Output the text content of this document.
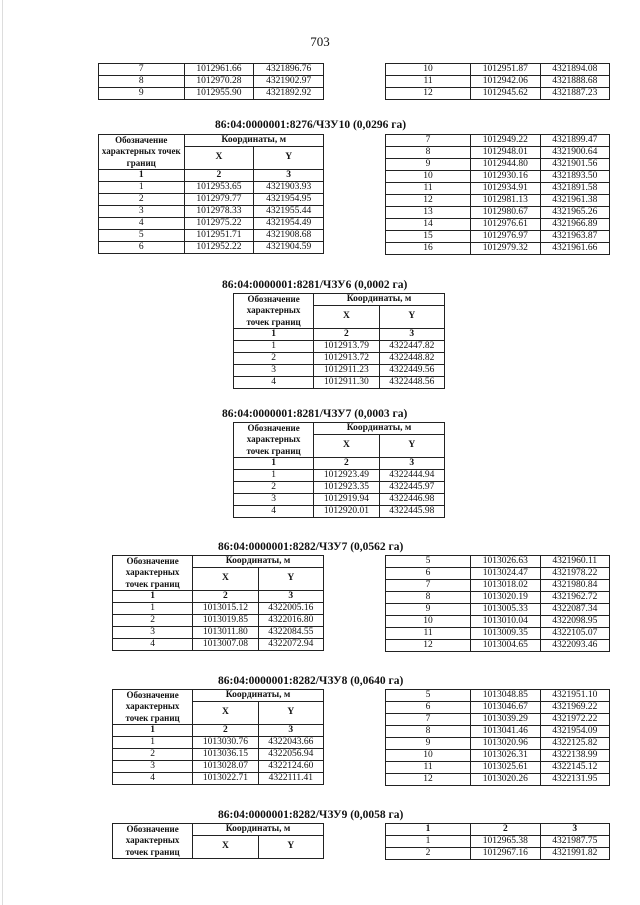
703
7	1012961.66	4321896.76
8	1012970.28	4321902.97
9	1012955.90	4321892.92
10	1012951.87	4321894.08
11	1012942.06	4321888.68
12	1012945.62	4321887.23
86:04:0000001:8276/ЧЗУ10 (0,0296 га)
Обозначение характерных точек границ	Координаты, м	
	X	Y
1	2	3
1	1012953.65	4321903.93
2	1012979.77	4321954.95
3	1012978.33	4321955.44
4	1012975.22	4321954.49
5	1012951.71	4321908.68
6	1012952.22	4321904.59
7	1012949.22	4321899.47
8	1012948.01	4321900.64
9	1012944.80	4321901.56
10	1012930.16	4321893.50
11	1012934.91	4321891.58
12	1012981.13	4321961.38
13	1012980.67	4321965.26
14	1012976.61	4321966.89
15	1012976.97	4321963.87
16	1012979.32	4321961.66
86:04:0000001:8281/ЧЗУ6 (0,0002 га)
Обозначение характерных точек границ	Координаты, м	
	X	Y
1	2	3
1	1012913.79	4322447.82
2	1012913.72	4322448.82
3	1012911.23	4322449.56
4	1012911.30	4322448.56
86:04:0000001:8281/ЧЗУ7 (0,0003 га)
Обозначение характерных точек границ	Координаты, м	
	X	Y
1	2	3
1	1012923.49	4322444.94
2	1012923.35	4322445.97
3	1012919.94	4322446.98
4	1012920.01	4322445.98
86:04:0000001:8282/ЧЗУ7 (0,0562 га)
Обозначение характерных точек границ	Координаты, м	
	X	Y
1	2	3
1	1013015.12	4322005.16
2	1013019.85	4322016.80
3	1013011.80	4322084.55
4	1013007.08	4322072.94
5	1013026.63	4321960.11
6	1013024.47	4321978.22
7	1013018.02	4321980.84
8	1013020.19	4321962.72
9	1013005.33	4322087.34
10	1013010.04	4322098.95
11	1013009.35	4322105.07
12	1013004.65	4322093.46
86:04:0000001:8282/ЧЗУ8 (0,0640 га)
Обозначение характерных точек границ	Координаты, м	
	X	Y
1	2	3
1	1013030.76	4322043.66
2	1013036.15	4322056.94
3	1013028.07	4322124.60
4	1013022.71	4322111.41
5	1013048.85	4321951.10
6	1013046.67	4321969.22
7	1013039.29	4321972.22
8	1013041.46	4321954.09
9	1013020.96	4322125.82
10	1013026.31	4322138.99
11	1013025.61	4322145.12
12	1013020.26	4322131.95
86:04:0000001:8282/ЧЗУ9 (0,0058 га)
Обозначение характерных точек границ	Координаты, м	
	X	Y
1	2	3
1	1012965.38	4321987.75
2	1012967.16	4321991.82
